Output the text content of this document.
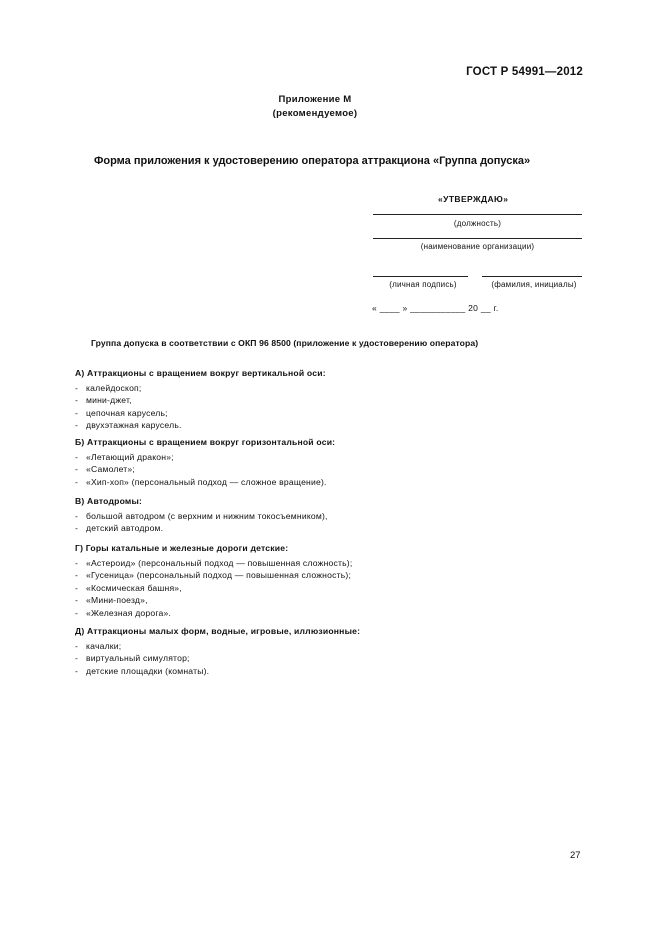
ГОСТ Р 54991—2012
Приложение М
(рекомендуемое)
Форма приложения к удостоверению оператора аттракциона «Группа допуска»
«УТВЕРЖДАЮ»
(должность)
(наименование организации)
(личная подпись)	(фамилия, инициалы)
« ____ » ___________ 20 __ г.
Группа допуска в соответствии с ОКП 96 8500 (приложение к удостоверению оператора)

А) Аттракционы с вращением вокруг вертикальной оси:

- калейдоскоп;

- мини-джет,

- цепочная карусель;

- двухэтажная карусель.

Б) Аттракционы с вращением вокруг горизонтальной оси:

- «Летающий дракон»;

- «Самолет»;

- «Хип-хоп» (персональный подход — сложное вращение).

В) Автодромы:

- большой автодром (с верхним и нижним токосъемником),

- детский автодром.

Г) Горы катальные и железные дороги детские:

- «Астероид» (персональный подход — повышенная сложность);

- «Гусеница» (персональный подход — повышенная сложность);

- «Космическая башня»,

- «Мини-поезд»,

- «Железная дорога».

Д) Аттракционы малых форм, водные, игровые, иллюзионные:

- качалки;

- виртуальный симулятор;

- детские площадки (комнаты).

27
